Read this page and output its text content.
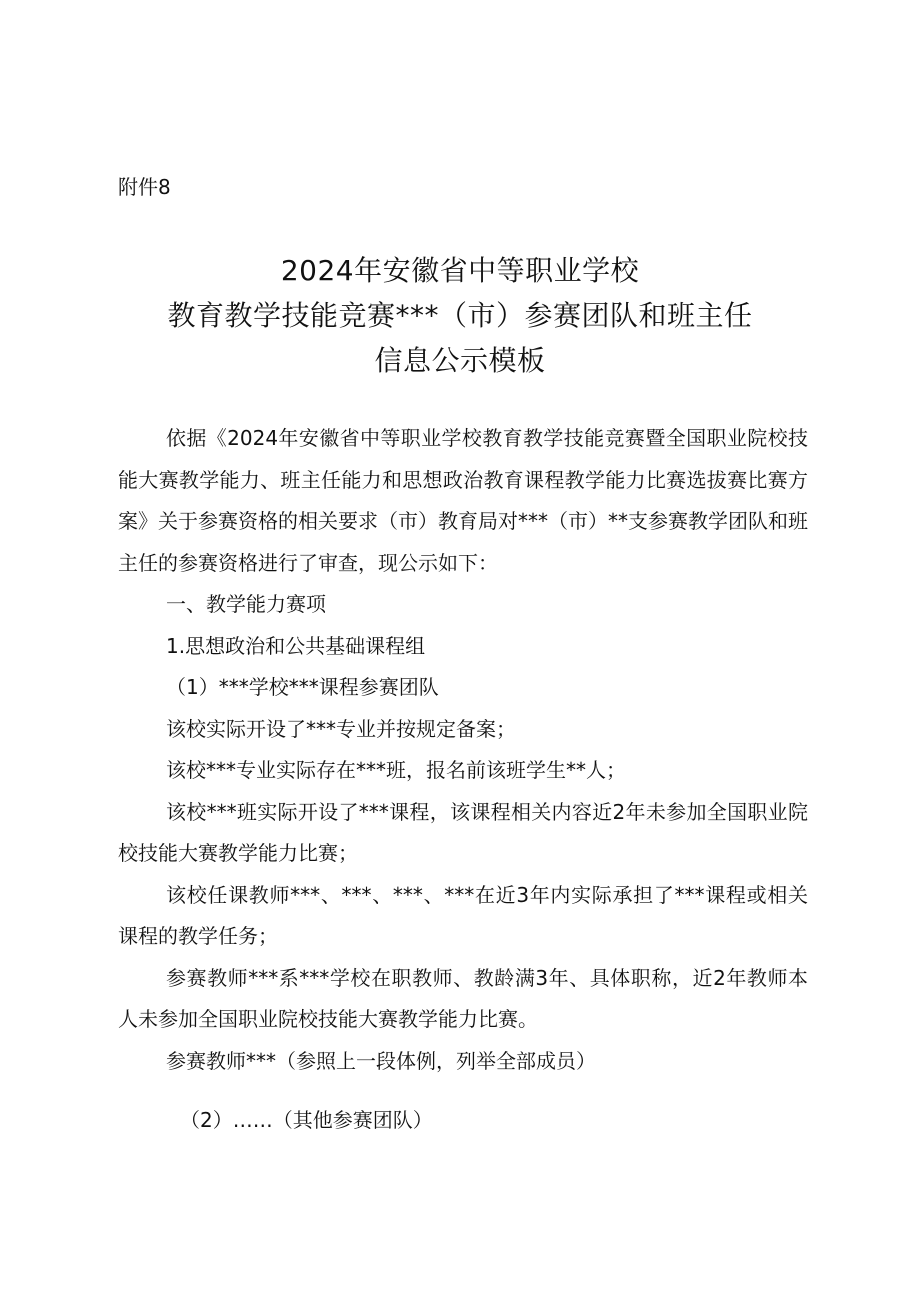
附件8
2024年安徽省中等职业学校
教育教学技能竞赛***（市）参赛团队和班主任
信息公示模板

依据《2024年安徽省中等职业学校教育教学技能竞赛暨全国职业院校技能大赛教学能力、班主任能力和思想政治教育课程教学能力比赛选拔赛比赛方案》关于参赛资格的相关要求（市）教育局对***（市）**支参赛教学团队和班主任的参赛资格进行了审查，现公示如下：

一、教学能力赛项

1.思想政治和公共基础课程组

（1）***学校***课程参赛团队

该校实际开设了***专业并按规定备案；

该校***专业实际存在***班，报名前该班学生**人；

该校***班实际开设了***课程，该课程相关内容近2年未参加全国职业院校技能大赛教学能力比赛；

该校任课教师***、***、***、***在近3年内实际承担了***课程或相关课程的教学任务；

参赛教师***系***学校在职教师、教龄满3年、具体职称，近2年教师本人未参加全国职业院校技能大赛教学能力比赛。

参赛教师***（参照上一段体例，列举全部成员）

（2）……（其他参赛团队）
